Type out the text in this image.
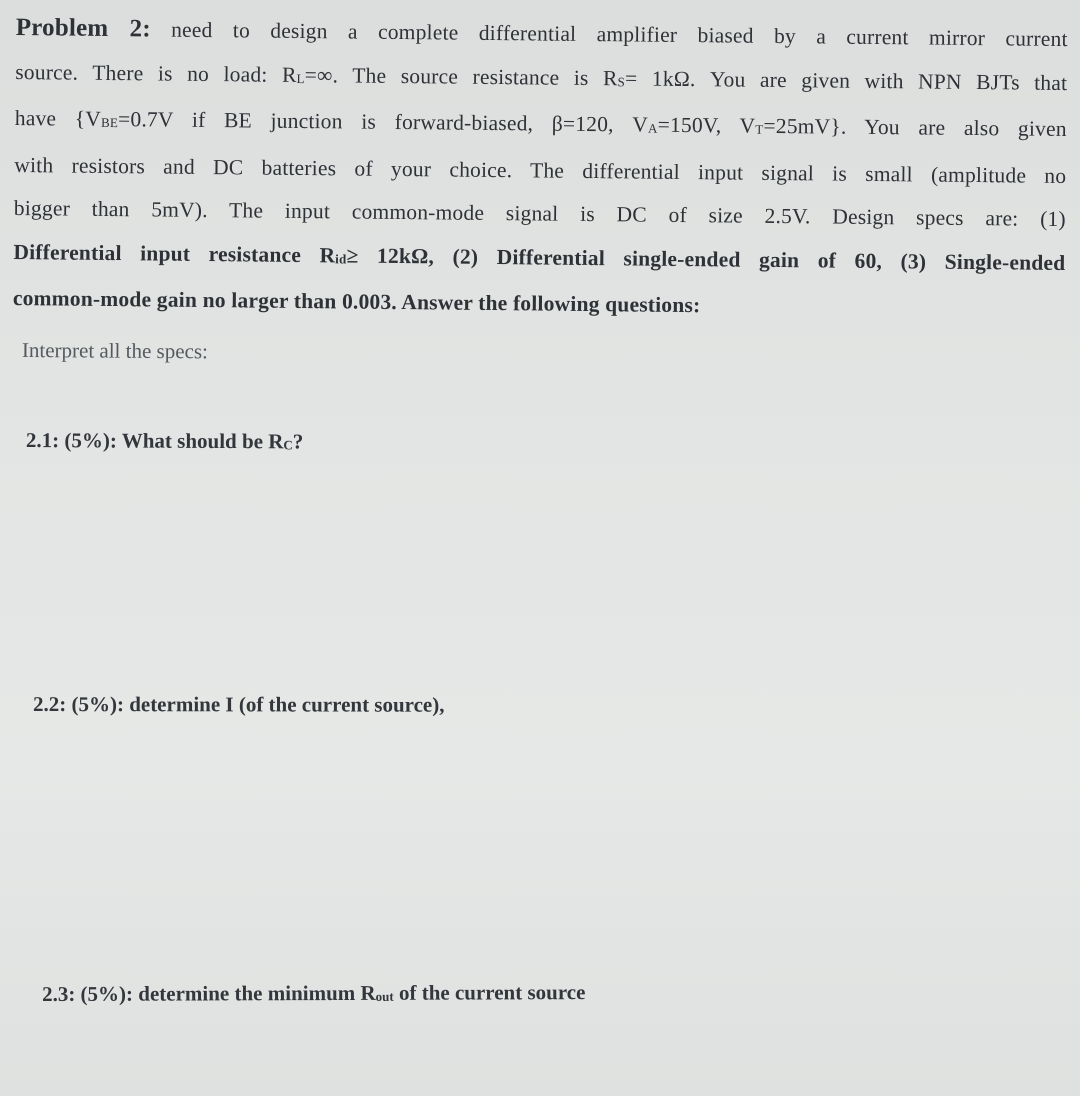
Problem 2: need to design a complete differential amplifier biased by a current mirror current
source. There is no load: RL=∞. The source resistance is RS= 1kΩ. You are given with NPN BJTs that
have {VBE=0.7V if BE junction is forward-biased, β=120, VA=150V, VT=25mV}. You are also given
with resistors and DC batteries of your choice. The differential input signal is small (amplitude no
bigger than 5mV). The input common-mode signal is DC of size 2.5V. Design specs are: (1)
Differential input resistance Rid≥ 12kΩ, (2) Differential single-ended gain of 60, (3) Single-ended
common-mode gain no larger than 0.003. Answer the following questions:
Interpret all the specs:
2.1: (5%): What should be RC?
2.2: (5%): determine I (of the current source),
2.3: (5%): determine the minimum Rout of the current source
